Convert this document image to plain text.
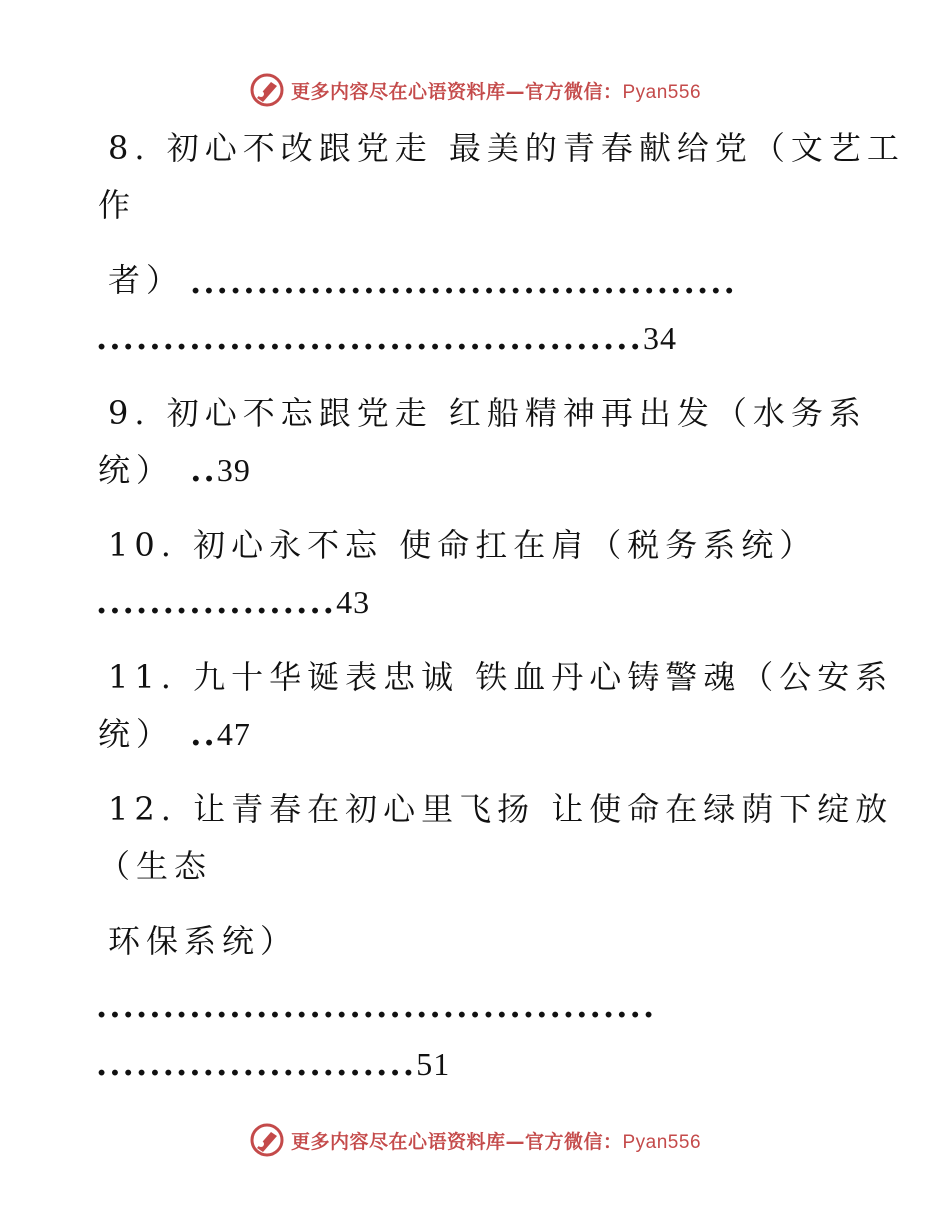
更多内容尽在心语资料库—官方微信：Pyan556
8. 初心不改跟党走 最美的青春献给党（文艺工
作
者） .........................................
.........................................34
9. 初心不忘跟党走 红船精神再出发（水务系
统） ..39
10. 初心永不忘 使命扛在肩（税务系统）
..................43
11. 九十华诞表忠诚 铁血丹心铸警魂（公安系
统） ..47
12. 让青春在初心里飞扬 让使命在绿荫下绽放
（生态
环保系统）
..........................................
........................51
更多内容尽在心语资料库—官方微信：Pyan556
